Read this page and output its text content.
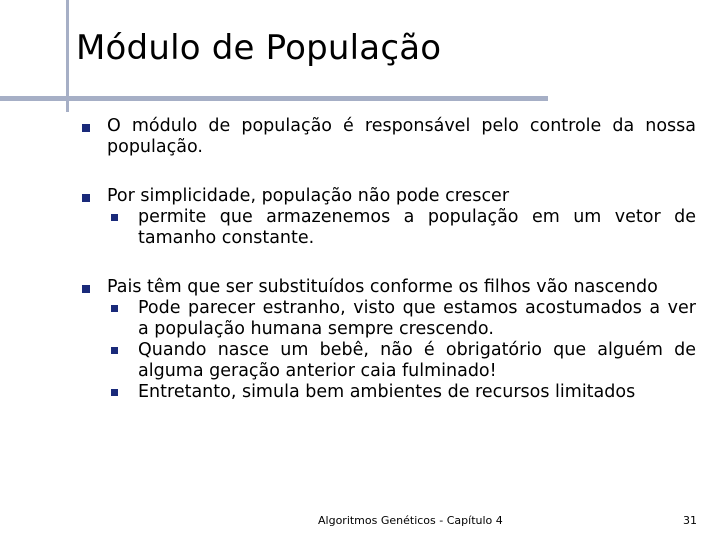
Módulo de População
O módulo de população é responsável pelo controle da nossa população.
Por simplicidade, população não pode crescer
permite que armazenemos a população em um vetor de tamanho constante.
Pais têm que ser substituídos conforme os filhos vão nascendo
Pode parecer estranho, visto que estamos acostumados a ver a população humana sempre crescendo.
Quando nasce um bebê, não é obrigatório que alguém de alguma geração anterior caia fulminado!
Entretanto, simula bem ambientes de recursos limitados
Algoritmos Genéticos - Capítulo 4	31
